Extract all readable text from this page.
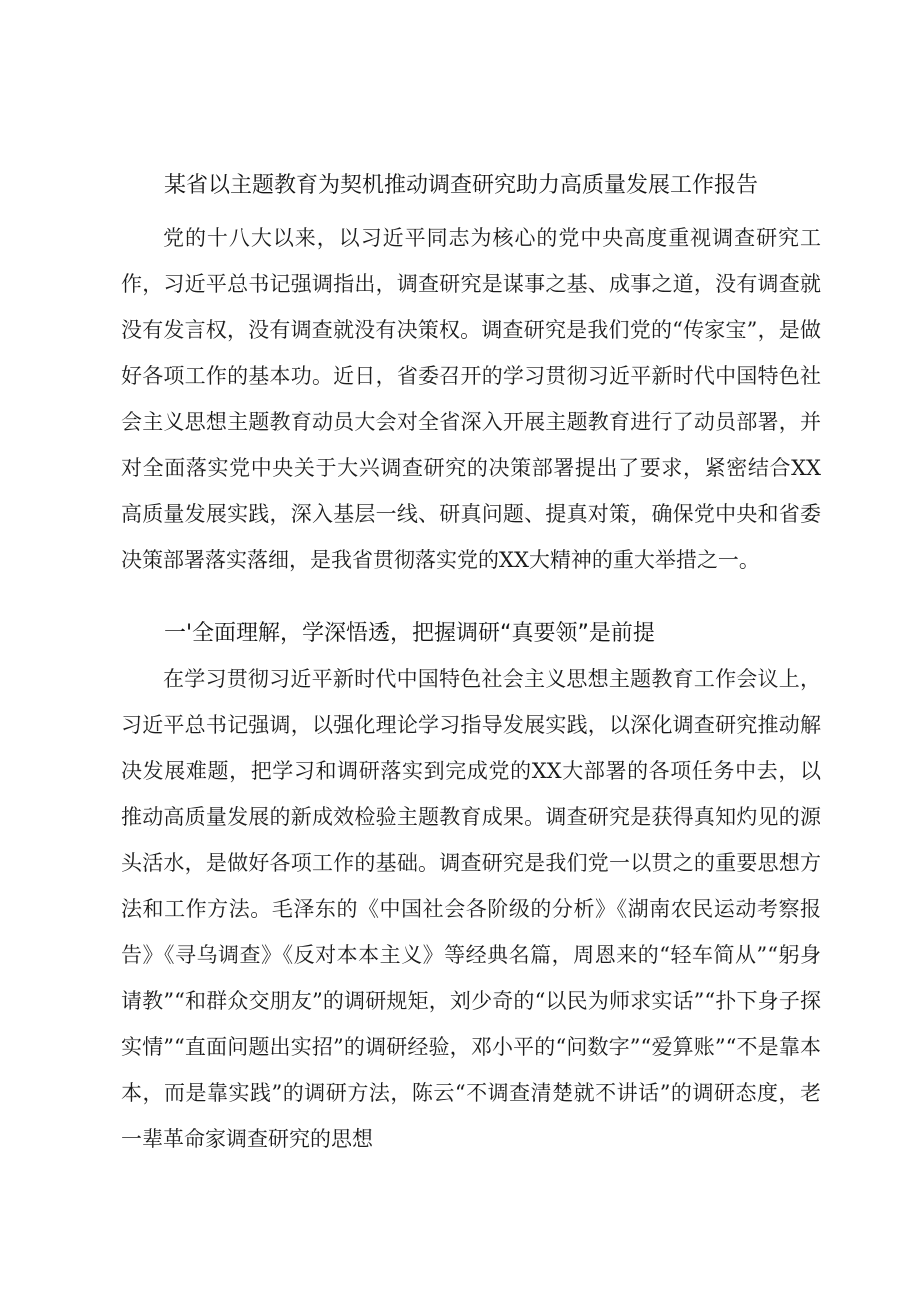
某省以主题教育为契机推动调查研究助力高质量发展工作报告
党的十八大以来，以习近平同志为核心的党中央高度重视调查研究工作，习近平总书记强调指出，调查研究是谋事之基、成事之道，没有调查就没有发言权，没有调查就没有决策权。调查研究是我们党的“传家宝”，是做好各项工作的基本功。近日，省委召开的学习贯彻习近平新时代中国特色社会主义思想主题教育动员大会对全省深入开展主题教育进行了动员部署，并对全面落实党中央关于大兴调查研究的决策部署提出了要求，紧密结合XX高质量发展实践，深入基层一线、研真问题、提真对策，确保党中央和省委决策部署落实落细，是我省贯彻落实党的XX大精神的重大举措之一。
一'全面理解，学深悟透，把握调研“真要领”是前提
在学习贯彻习近平新时代中国特色社会主义思想主题教育工作会议上，习近平总书记强调，以强化理论学习指导发展实践，以深化调查研究推动解决发展难题，把学习和调研落实到完成党的XX大部署的各项任务中去，以推动高质量发展的新成效检验主题教育成果。调查研究是获得真知灼见的源头活水，是做好各项工作的基础。调查研究是我们党一以贯之的重要思想方法和工作方法。毛泽东的《中国社会各阶级的分析》《湖南农民运动考察报告》《寻乌调查》《反对本本主义》等经典名篇，周恩来的“轻车简从”“躬身请教”“和群众交朋友”的调研规矩，刘少奇的“以民为师求实话”“扑下身子探实情”“直面问题出实招”的调研经验，邓小平的“问数字”“爱算账”“不是靠本本，而是靠实践”的调研方法，陈云“不调查清楚就不讲话”的调研态度，老一辈革命家调查研究的思想
